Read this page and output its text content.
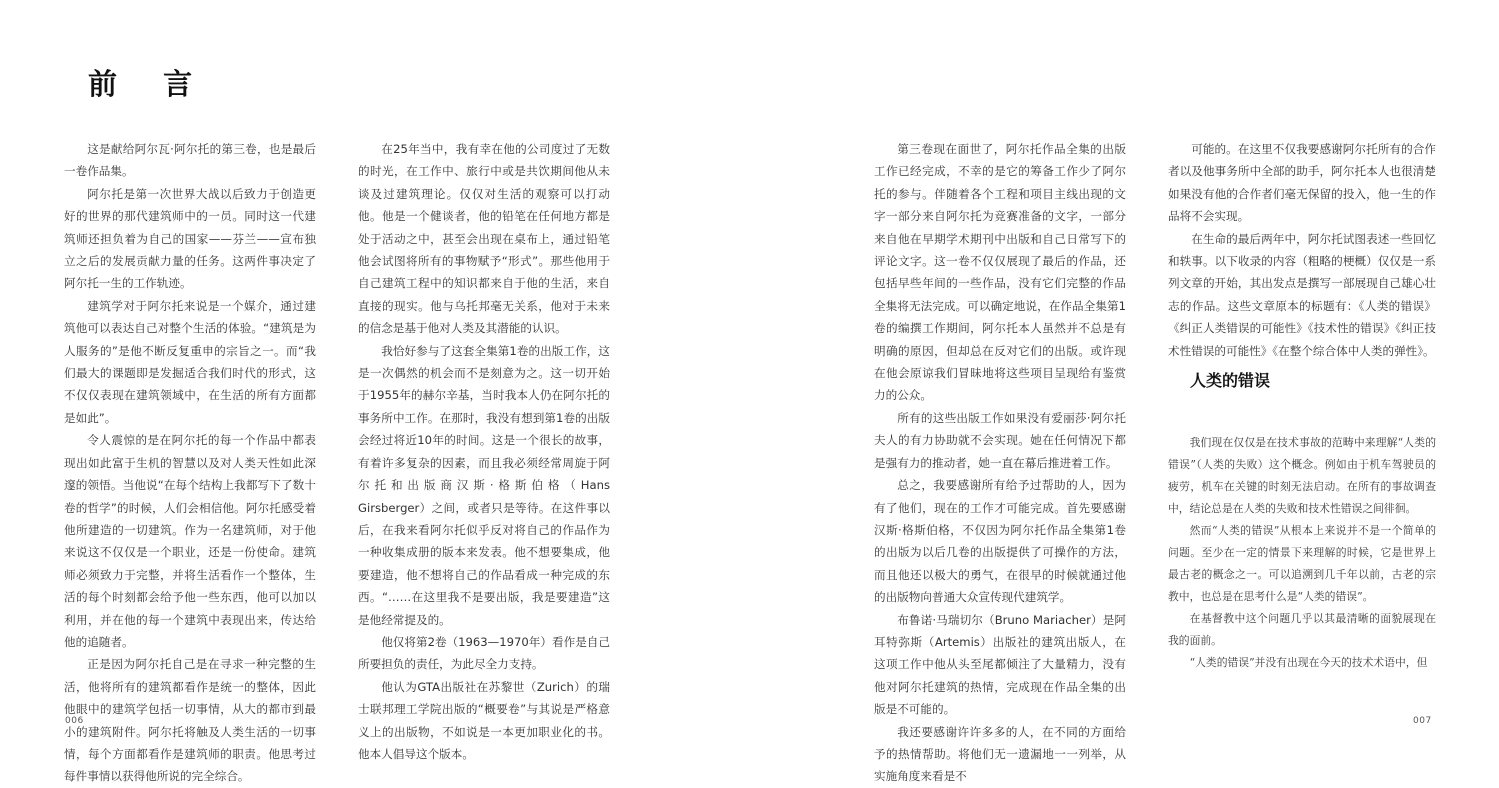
前 言

这是献给阿尔瓦·阿尔托的第三卷，也是最后一卷作品集。

阿尔托是第一次世界大战以后致力于创造更好的世界的那代建筑师中的一员。同时这一代建筑师还担负着为自己的国家——芬兰——宣布独立之后的发展贡献力量的任务。这两件事决定了阿尔托一生的工作轨迹。

建筑学对于阿尔托来说是一个媒介，通过建筑他可以表达自己对整个生活的体验。“建筑是为人服务的”是他不断反复重申的宗旨之一。而“我们最大的课题即是发掘适合我们时代的形式，这不仅仅表现在建筑领域中，在生活的所有方面都是如此”。

令人震惊的是在阿尔托的每一个作品中都表现出如此富于生机的智慧以及对人类天性如此深邃的领悟。当他说“在每个结构上我都写下了数十卷的哲学”的时候，人们会相信他。阿尔托感受着他所建造的一切建筑。作为一名建筑师，对于他来说这不仅仅是一个职业，还是一份使命。建筑师必须致力于完整，并将生活看作一个整体，生活的每个时刻都会给予他一些东西，他可以加以利用，并在他的每一个建筑中表现出来，传达给他的追随者。

正是因为阿尔托自己是在寻求一种完整的生活，他将所有的建筑都看作是统一的整体，因此他眼中的建筑学包括一切事情，从大的都市到最小的建筑附件。阿尔托将触及人类生活的一切事情，每个方面都看作是建筑师的职责。他思考过每件事情以获得他所说的完全综合。

在25年当中，我有幸在他的公司度过了无数的时光，在工作中、旅行中或是共饮期间他从未谈及过建筑理论。仅仅对生活的观察可以打动他。他是一个健谈者，他的铅笔在任何地方都是处于活动之中，甚至会出现在桌布上，通过铅笔他会试图将所有的事物赋予“形式”。那些他用于自己建筑工程中的知识都来自于他的生活，来自直接的现实。他与乌托邦毫无关系，他对于未来的信念是基于他对人类及其潜能的认识。

我恰好参与了这套全集第1卷的出版工作，这是一次偶然的机会而不是刻意为之。这一切开始于1955年的赫尔辛基，当时我本人仍在阿尔托的事务所中工作。在那时，我没有想到第1卷的出版会经过将近10年的时间。这是一个很长的故事，有着许多复杂的因素，而且我必须经常周旋于阿尔托和出版商汉斯·格斯伯格（Hans Girsberger）之间，或者只是等待。在这件事以后，在我来看阿尔托似乎反对将自己的作品作为一种收集成册的版本来发表。他不想要集成，他要建造，他不想将自己的作品看成一种完成的东西。“……在这里我不是要出版，我是要建造”这是他经常提及的。

他仅将第2卷（1963—1970年）看作是自己所要担负的责任，为此尽全力支持。

他认为GTA出版社在苏黎世（Zurich）的瑞士联邦理工学院出版的“概要卷”与其说是严格意义上的出版物，不如说是一本更加职业化的书。他本人倡导这个版本。

第三卷现在面世了，阿尔托作品全集的出版工作已经完成，不幸的是它的筹备工作少了阿尔托的参与。伴随着各个工程和项目主线出现的文字一部分来自阿尔托为竞赛准备的文字，一部分来自他在早期学术期刊中出版和自己日常写下的评论文字。这一卷不仅仅展现了最后的作品，还包括早些年间的一些作品，没有它们完整的作品全集将无法完成。可以确定地说，在作品全集第1卷的编撰工作期间，阿尔托本人虽然并不总是有明确的原因，但却总在反对它们的出版。或许现在他会原谅我们冒昧地将这些项目呈现给有鉴赏力的公众。

所有的这些出版工作如果没有爱丽莎·阿尔托夫人的有力协助就不会实现。她在任何情况下都是强有力的推动者，她一直在幕后推进着工作。

总之，我要感谢所有给予过帮助的人，因为有了他们，现在的工作才可能完成。首先要感谢汉斯·格斯伯格，不仅因为阿尔托作品全集第1卷的出版为以后几卷的出版提供了可操作的方法，而且他还以极大的勇气，在很早的时候就通过他的出版物向普通大众宣传现代建筑学。

布鲁诺·马瑞切尔（Bruno Mariacher）是阿耳特弥斯（Artemis）出版社的建筑出版人，在这项工作中他从头至尾都倾注了大量精力，没有他对阿尔托建筑的热情，完成现在作品全集的出版是不可能的。

我还要感谢许许多多的人，在不同的方面给予的热情帮助。将他们无一遗漏地一一列举，从实施角度来看是不

可能的。在这里不仅我要感谢阿尔托所有的合作者以及他事务所中全部的助手，阿尔托本人也很清楚如果没有他的合作者们毫无保留的投入，他一生的作品将不会实现。

在生命的最后两年中，阿尔托试图表述一些回忆和轶事。以下收录的内容（粗略的梗概）仅仅是一系列文章的开始，其出发点是撰写一部展现自己雄心壮志的作品。这些文章原本的标题有：《人类的错误》《纠正人类错误的可能性》《技术性的错误》《纠正技术性错误的可能性》《在整个综合体中人类的弹性》。

人类的错误

我们现在仅仅是在技术事故的范畴中来理解“人类的错误”（人类的失败）这个概念。例如由于机车驾驶员的疲劳，机车在关键的时刻无法启动。在所有的事故调查中，结论总是在人类的失败和技术性错误之间徘徊。

然而“人类的错误”从根本上来说并不是一个简单的问题。至少在一定的情景下来理解的时候，它是世界上最古老的概念之一。可以追溯到几千年以前，古老的宗教中，也总是在思考什么是“人类的错误”。

在基督教中这个问题几乎以其最清晰的面貌展现在我的面前。

“人类的错误”并没有出现在今天的技术术语中，但

006	007
